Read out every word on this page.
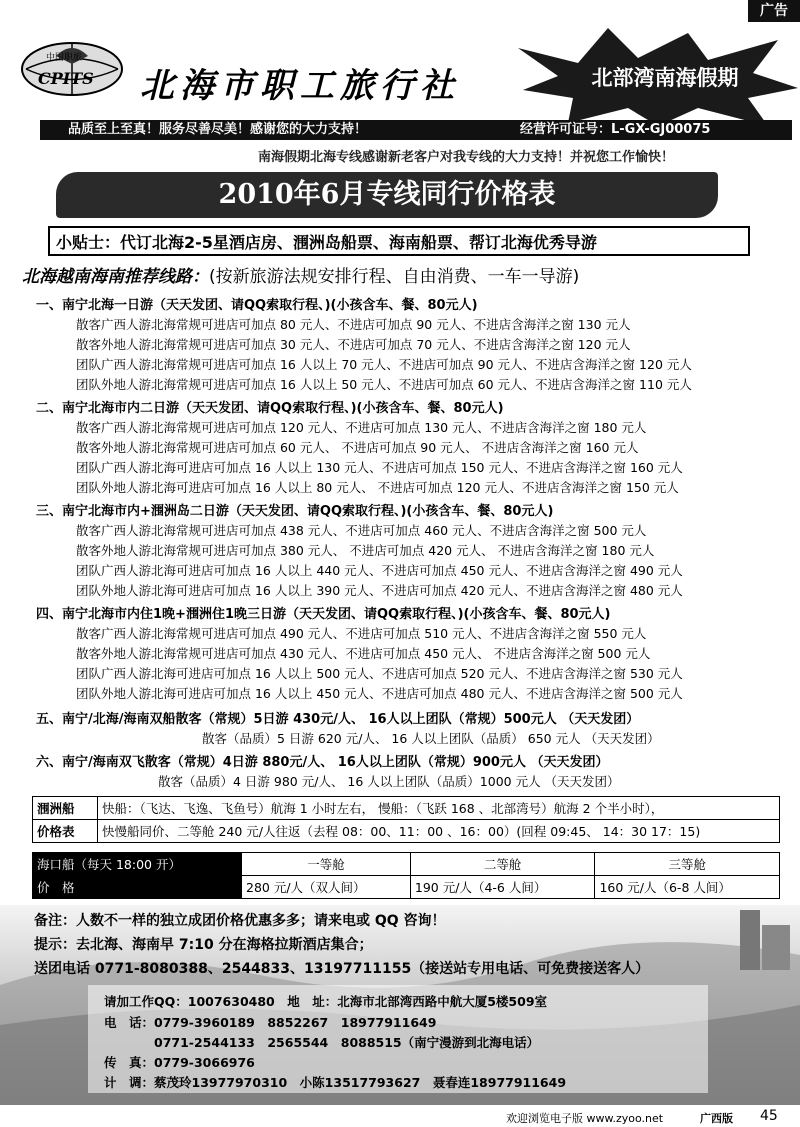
广告
中国职旅
CPITS 北海市职工旅行社	北部湾南海假期
品质至上至真！服务尽善尽美！感谢您的大力支持！	经营许可证号：L-GX-GJ00075
南海假期北海专线感谢新老客户对我专线的大力支持！并祝您工作愉快！
2010年6月专线同行价格表
小贴士：代订北海2-5星酒店房、涠洲岛船票、海南船票、帮订北海优秀导游
北海越南海南推荐线路：(按新旅游法规安排行程、自由消费、一车一导游)
一、南宁北海一日游（天天发团、请QQ索取行程、)(小孩含车、餐、80元人)
散客广西人游北海常规可进店可加点 80 元人、不进店可加点 90 元人、不进店含海洋之窗 130 元人
散客外地人游北海常规可进店可加点 30 元人、不进店可加点 70 元人、不进店含海洋之窗 120 元人
团队广西人游北海常规可进店可加点 16 人以上 70 元人、不进店可加点 90 元人、不进店含海洋之窗 120 元人
团队外地人游北海常规可进店可加点 16 人以上 50 元人、不进店可加点 60 元人、不进店含海洋之窗 110 元人
二、南宁北海市内二日游（天天发团、请QQ索取行程、)(小孩含车、餐、80元人)
散客广西人游北海常规可进店可加点 120 元人、不进店可加点 130 元人、不进店含海洋之窗 180 元人
散客外地人游北海常规可进店可加点 60 元人、 不进店可加点 90 元人、 不进店含海洋之窗 160 元人
团队广西人游北海可进店可加点 16 人以上 130 元人、不进店可加点 150 元人、不进店含海洋之窗 160 元人
团队外地人游北海可进店可加点 16 人以上 80 元人、 不进店可加点 120 元人、不进店含海洋之窗 150 元人
三、南宁北海市内+涠洲岛二日游（天天发团、请QQ索取行程、)(小孩含车、餐、80元人)
散客广西人游北海常规可进店可加点 438 元人、不进店可加点 460 元人、不进店含海洋之窗 500 元人
散客外地人游北海常规可进店可加点 380 元人、 不进店可加点 420 元人、 不进店含海洋之窗 180 元人
团队广西人游北海可进店可加点 16 人以上 440 元人、不进店可加点 450 元人、不进店含海洋之窗 490 元人
团队外地人游北海可进店可加点 16 人以上 390 元人、不进店可加点 420 元人、不进店含海洋之窗 480 元人
四、南宁北海市内住1晚+涠洲住1晚三日游（天天发团、请QQ索取行程、)(小孩含车、餐、80元人)
散客广西人游北海常规可进店可加点 490 元人、不进店可加点 510 元人、不进店含海洋之窗 550 元人
散客外地人游北海常规可进店可加点 430 元人、不进店可加点 450 元人、 不进店含海洋之窗 500 元人
团队广西人游北海可进店可加点 16 人以上 500 元人、不进店可加点 520 元人、不进店含海洋之窗 530 元人
团队外地人游北海可进店可加点 16 人以上 450 元人、不进店可加点 480 元人、不进店含海洋之窗 500 元人
五、南宁/北海/海南双船散客（常规）5日游 430元/人、 16人以上团队（常规）500元人 （天天发团）
散客（品质）5 日游 620 元/人、 16 人以上团队（品质） 650 元人 （天天发团）
六、南宁/海南双飞散客（常规）4日游 880元/人、 16人以上团队（常规）900元人 （天天发团）
散客（品质）4 日游 980 元/人、 16 人以上团队（品质）1000 元人 （天天发团）
涠洲船	快船：（飞达、飞逸、飞鱼号）航海 1 小时左右， 慢船：（飞跃 168 、北部湾号）航海 2 个半小时），
价格表	快慢船同价、二等舱 240 元/人往返（去程 08：00、11：00 、16：00）(回程 09:45、 14：30 17：15)
海口船（每天 18:00 开）	一等舱	二等舱	三等舱
价　格	280 元/人（双人间）	190 元/人（4-6 人间）	160 元/人（6-8 人间）
备注：人数不一样的独立成团价格优惠多多；请来电或 QQ 咨询！
提示：去北海、海南早 7:10 分在海格拉斯酒店集合；
送团电话 0771-8080388、2544833、13197711155（接送站专用电话、可免费接送客人）
请加工作QQ：1007630480　地　址：北海市北部湾西路中航大厦5楼509室
电　话：0779-3960189　8852267　18977911649
　　　　0771-2544133　2565544　8088515（南宁漫游到北海电话）
传　真：0779-3066976
计　调：蔡茂玲13977970310　小陈13517793627　聂春连18977911649
欢迎浏览电子版 www.zyoo.net	广西版 45
